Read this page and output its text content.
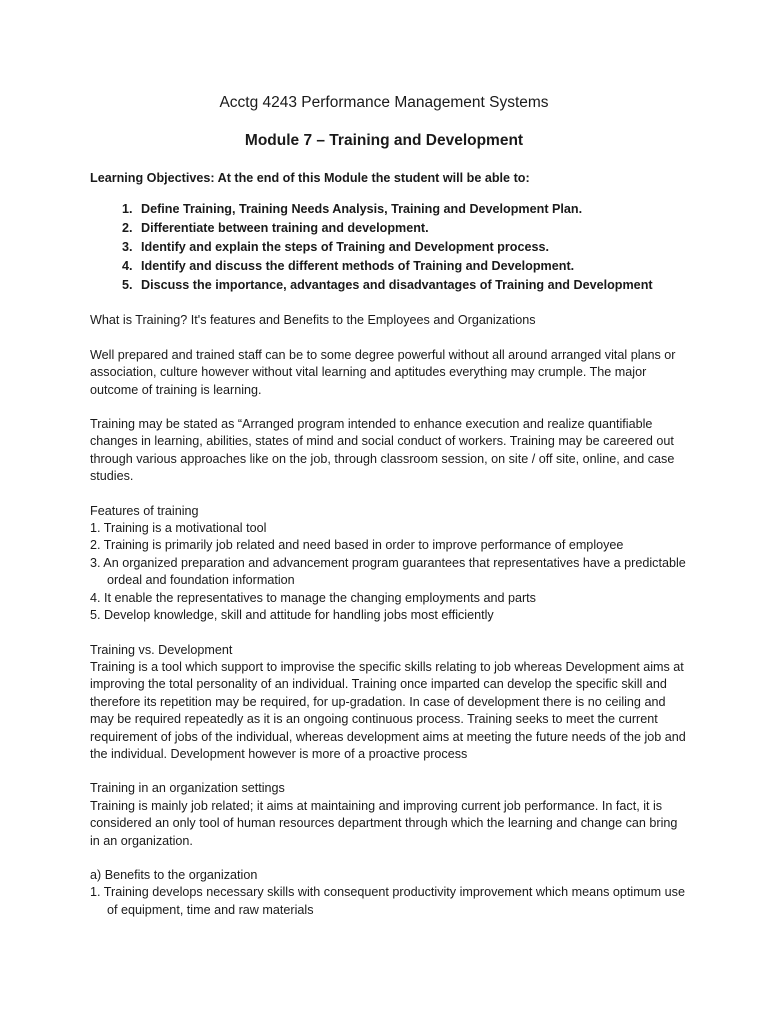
Acctg 4243 Performance Management Systems
Module 7 – Training and Development

Learning Objectives: At the end of this Module the student will be able to:

1. Define Training, Training Needs Analysis, Training and Development Plan.
2. Differentiate between training and development.
3. Identify and explain the steps of Training and Development process.
4. Identify and discuss the different methods of Training and Development.
5. Discuss the importance, advantages and disadvantages of Training and Development

What is Training? It's features and Benefits to the Employees and Organizations

Well prepared and trained staff can be to some degree powerful without all around arranged vital plans or association, culture however without vital learning and aptitudes everything may crumple. The major outcome of training is learning.

Training may be stated as “Arranged program intended to enhance execution and realize quantifiable changes in learning, abilities, states of mind and social conduct of workers. Training may be careered out through various approaches like on the job, through classroom session, on site / off site, online, and case studies.

Features of training

1. Training is a motivational tool

2. Training is primarily job related and need based in order to improve performance of employee

3. An organized preparation and advancement program guarantees that representatives have a predictable ordeal and foundation information

4. It enable the representatives to manage the changing employments and parts

5. Develop knowledge, skill and attitude for handling jobs most efficiently

Training vs. Development

Training is a tool which support to improvise the specific skills relating to job whereas Development aims at improving the total personality of an individual. Training once imparted can develop the specific skill and therefore its repetition may be required, for up-gradation. In case of development there is no ceiling and may be required repeatedly as it is an ongoing continuous process. Training seeks to meet the current requirement of jobs of the individual, whereas development aims at meeting the future needs of the job and the individual. Development however is more of a proactive process

Training in an organization settings

Training is mainly job related; it aims at maintaining and improving current job performance. In fact, it is considered an only tool of human resources department through which the learning and change can bring in an organization.

a) Benefits to the organization

1. Training develops necessary skills with consequent productivity improvement which means optimum use of equipment, time and raw materials
